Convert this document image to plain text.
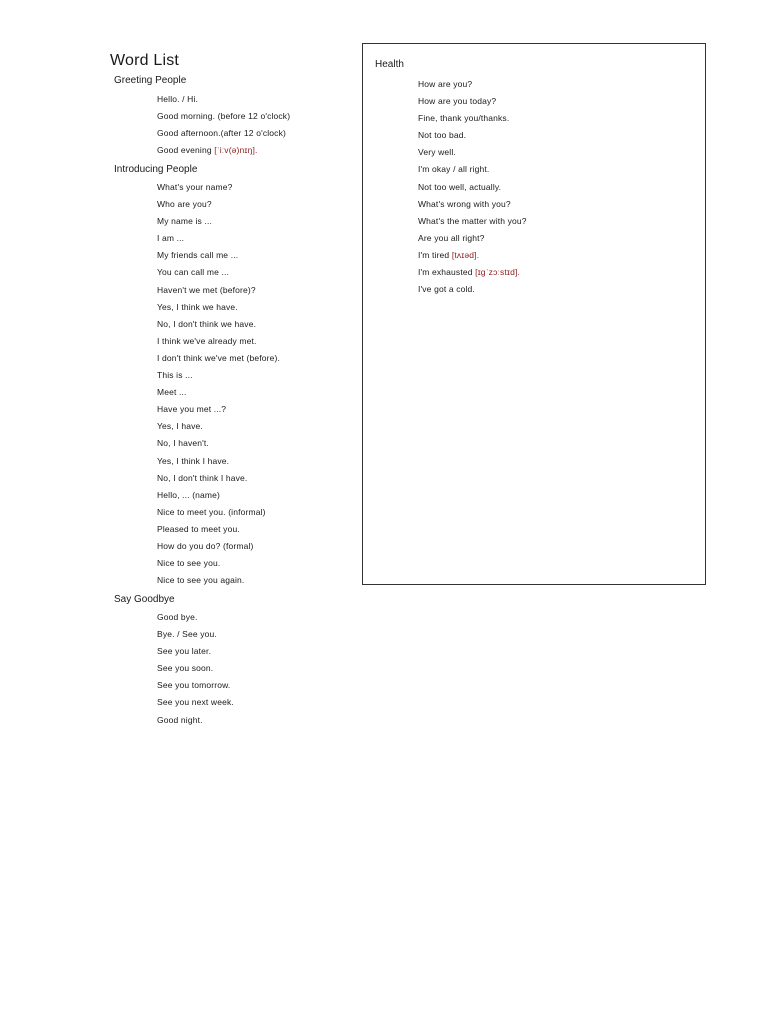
Word List
Greeting People
Hello. / Hi.
Good morning. (before 12 o'clock)
Good afternoon.(after 12 o'clock)
Good evening [ˈiːv(ə)nɪŋ].
Introducing People
What's your name?
Who are you?
My name is ...
I am ...
My friends call me ...
You can call me ...
Haven't we met (before)?
Yes, I think we have.
No, I don't think we have.
I think we've already met.
I don't think we've met (before).
This is ...
Meet ...
Have you met ...?
Yes, I have.
No, I haven't.
Yes, I think I have.
No, I don't think I have.
Hello, ... (name)
Nice to meet you. (informal)
Pleased to meet you.
How do you do? (formal)
Nice to see you.
Nice to see you again.
Say Goodbye
Good bye.
Bye. / See you.
See you later.
See you soon.
See you tomorrow.
See you next week.
Good night.
Health
How are you?
How are you today?
Fine, thank you/thanks.
Not too bad.
Very well.
I'm okay / all right.
Not too well, actually.
What's wrong with you?
What's the matter with you?
Are you all right?
I'm tired [tʌɪəd].
I'm exhausted [ɪgˈzɔːstɪd].
I've got a cold.
